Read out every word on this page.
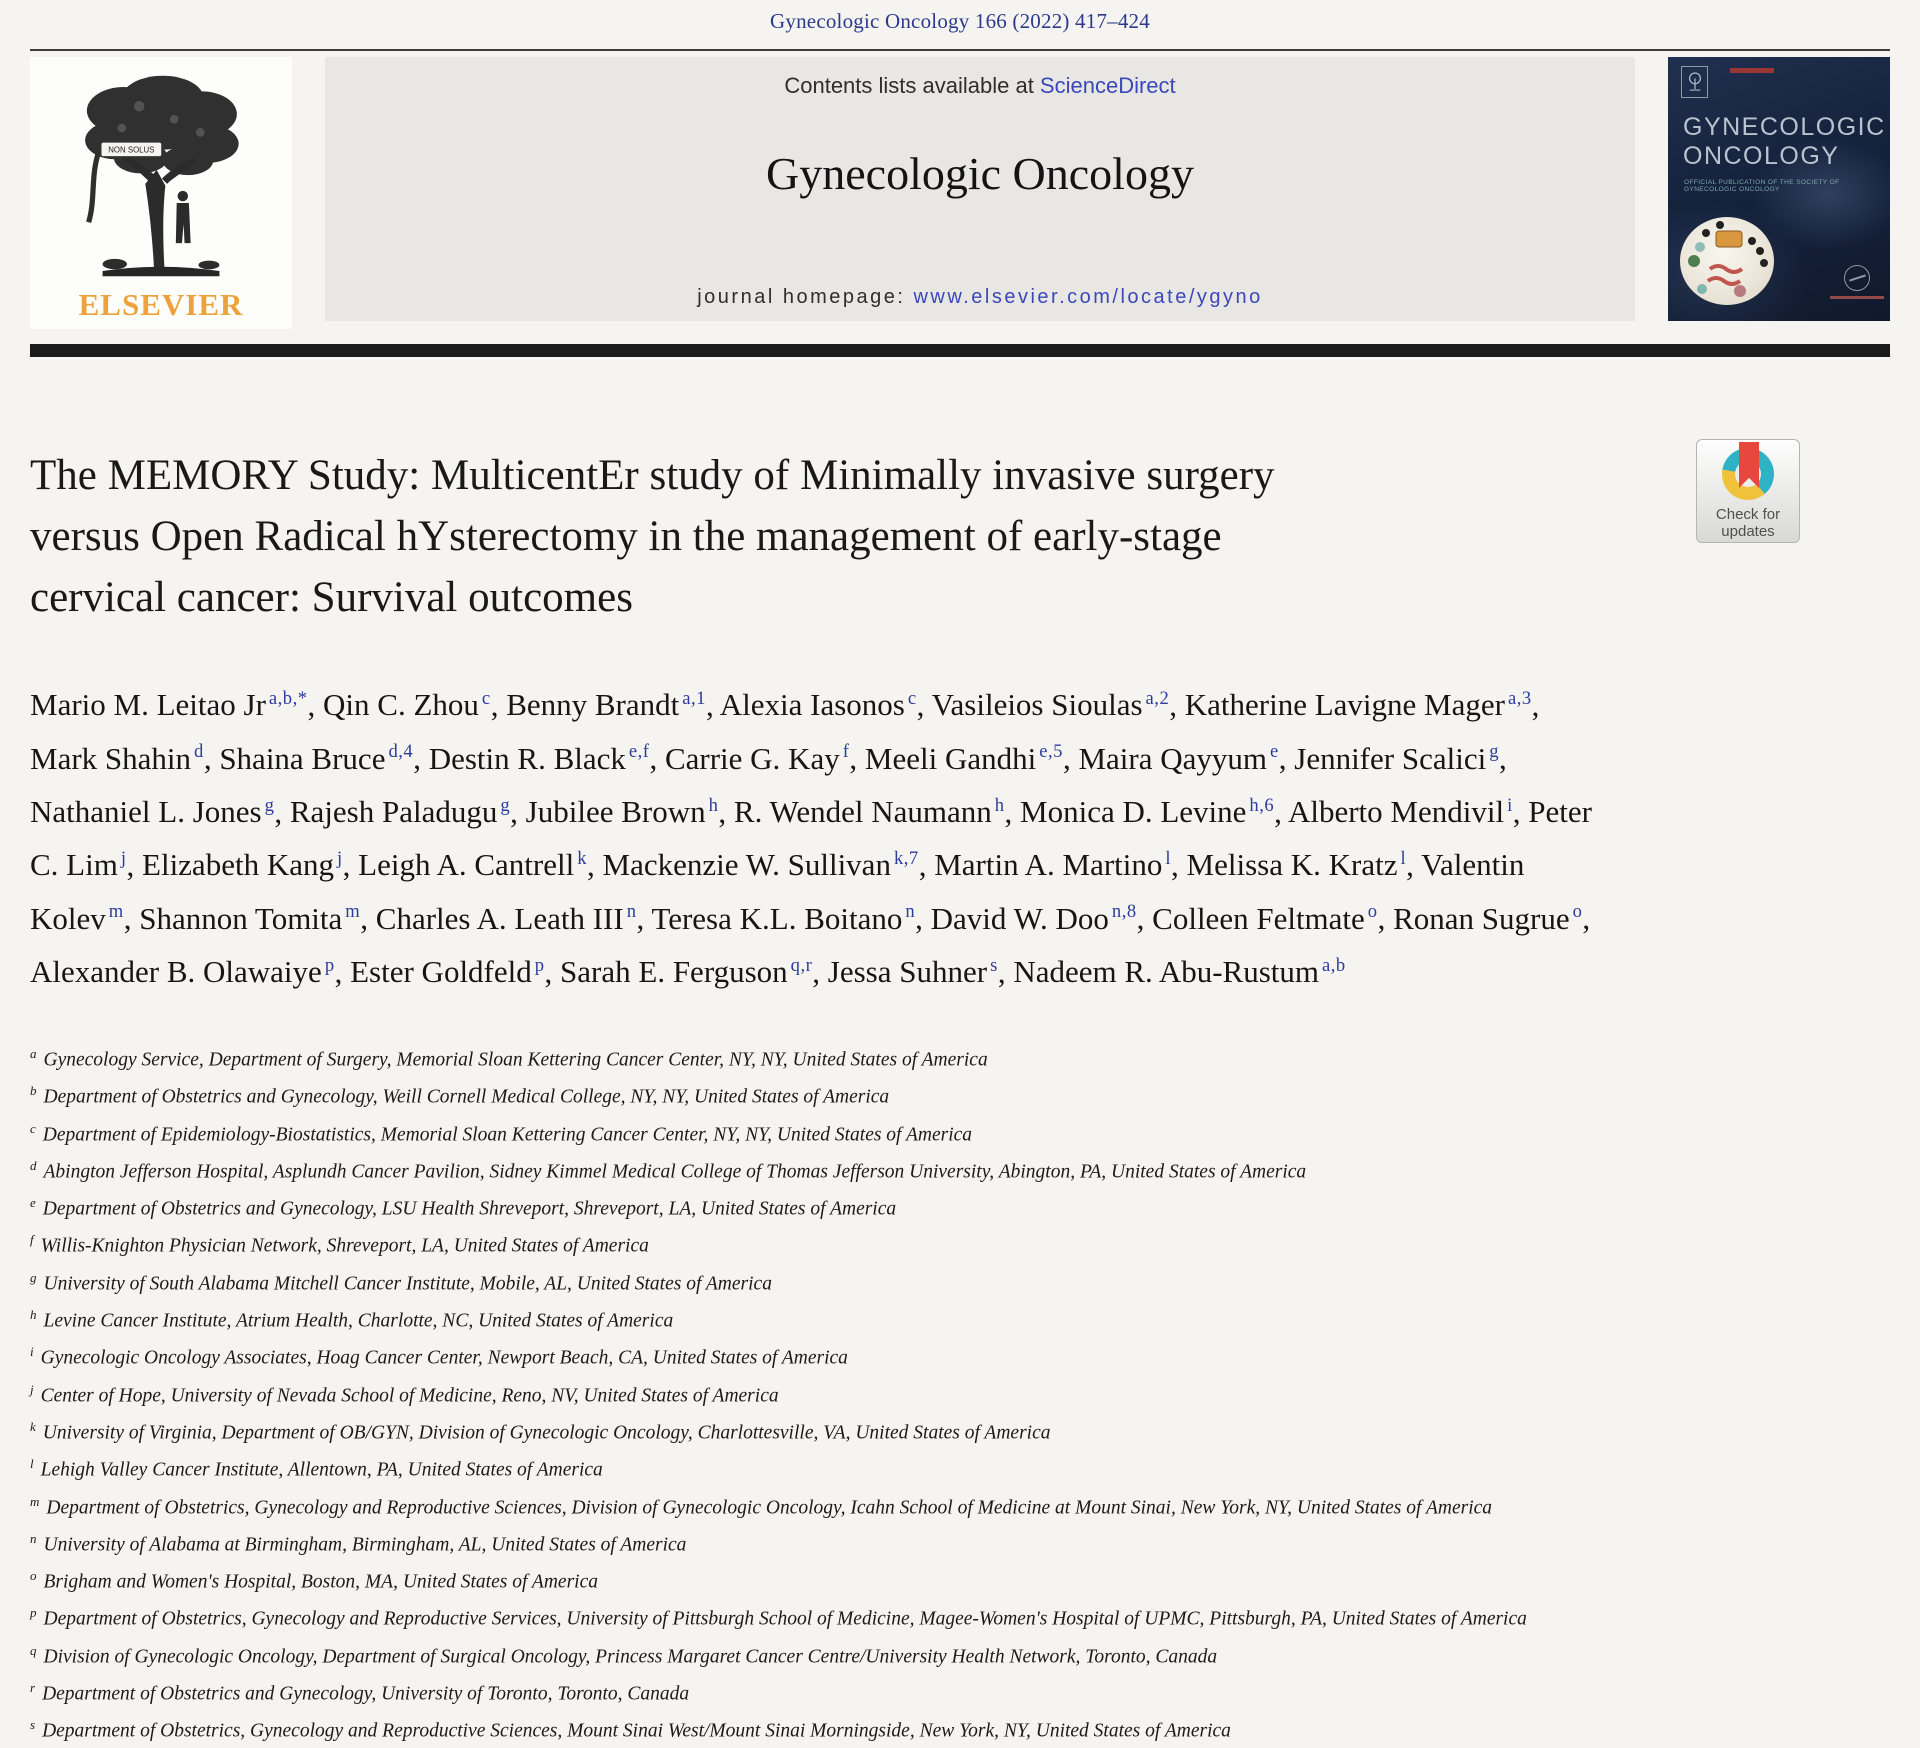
Gynecologic Oncology 166 (2022) 417–424
NON SOLUS
ELSEVIER
Contents lists available at ScienceDirect
Gynecologic Oncology
journal homepage: www.elsevier.com/locate/ygyno
GYNECOLOGIC
ONCOLOGY
OFFICIAL PUBLICATION OF THE SOCIETY OF GYNECOLOGIC ONCOLOGY
The MEMORY Study: MulticentEr study of Minimally invasive surgery
versus Open Radical hYsterectomy in the management of early-stage
cervical cancer: Survival outcomes
Check for
updates
Mario M. Leitao Jr $^{a,b,*}$, Qin C. Zhou $^c$, Benny Brandt $^{a,1}$, Alexia Iasonos $^c$, Vasileios Sioulas $^{a,2}$, Katherine Lavigne Mager $^{a,3}$, Mark Shahin $^d$, Shaina Bruce $^{d,4}$, Destin R. Black $^{e,f}$, Carrie G. Kay $^f$, Meeli Gandhi $^{e,5}$, Maira Qayyum $^e$, Jennifer Scalici $^g$, Nathaniel L. Jones $^g$, Rajesh Paladugu $^g$, Jubilee Brown $^h$, R. Wendel Naumann $^h$, Monica D. Levine $^{h,6}$, Alberto Mendivil $^i$, Peter C. Lim $^j$, Elizabeth Kang $^j$, Leigh A. Cantrell $^k$, Mackenzie W. Sullivan $^{k,7}$, Martin A. Martino $^l$, Melissa K. Kratz $^l$, Valentin Kolev $^m$, Shannon Tomita $^m$, Charles A. Leath III $^n$, Teresa K.L. Boitano $^n$, David W. Doo $^{n,8}$, Colleen Feltmate $^o$, Ronan Sugrue $^o$, Alexander B. Olawaiye $^p$, Ester Goldfeld $^p$, Sarah E. Ferguson $^{q,r}$, Jessa Suhner $^s$, Nadeem R. Abu-Rustum $^{a,b}$
$^a$ Gynecology Service, Department of Surgery, Memorial Sloan Kettering Cancer Center, NY, NY, United States of America
$^b$ Department of Obstetrics and Gynecology, Weill Cornell Medical College, NY, NY, United States of America
$^c$ Department of Epidemiology-Biostatistics, Memorial Sloan Kettering Cancer Center, NY, NY, United States of America
$^d$ Abington Jefferson Hospital, Asplundh Cancer Pavilion, Sidney Kimmel Medical College of Thomas Jefferson University, Abington, PA, United States of America
$^e$ Department of Obstetrics and Gynecology, LSU Health Shreveport, Shreveport, LA, United States of America
$^f$ Willis-Knighton Physician Network, Shreveport, LA, United States of America
$^g$ University of South Alabama Mitchell Cancer Institute, Mobile, AL, United States of America
$^h$ Levine Cancer Institute, Atrium Health, Charlotte, NC, United States of America
$^i$ Gynecologic Oncology Associates, Hoag Cancer Center, Newport Beach, CA, United States of America
$^j$ Center of Hope, University of Nevada School of Medicine, Reno, NV, United States of America
$^k$ University of Virginia, Department of OB/GYN, Division of Gynecologic Oncology, Charlottesville, VA, United States of America
$^l$ Lehigh Valley Cancer Institute, Allentown, PA, United States of America
$^m$ Department of Obstetrics, Gynecology and Reproductive Sciences, Division of Gynecologic Oncology, Icahn School of Medicine at Mount Sinai, New York, NY, United States of America
$^n$ University of Alabama at Birmingham, Birmingham, AL, United States of America
$^o$ Brigham and Women's Hospital, Boston, MA, United States of America
$^p$ Department of Obstetrics, Gynecology and Reproductive Services, University of Pittsburgh School of Medicine, Magee-Women's Hospital of UPMC, Pittsburgh, PA, United States of America
$^q$ Division of Gynecologic Oncology, Department of Surgical Oncology, Princess Margaret Cancer Centre/University Health Network, Toronto, Canada
$^r$ Department of Obstetrics and Gynecology, University of Toronto, Toronto, Canada
$^s$ Department of Obstetrics, Gynecology and Reproductive Sciences, Mount Sinai West/Mount Sinai Morningside, New York, NY, United States of America
